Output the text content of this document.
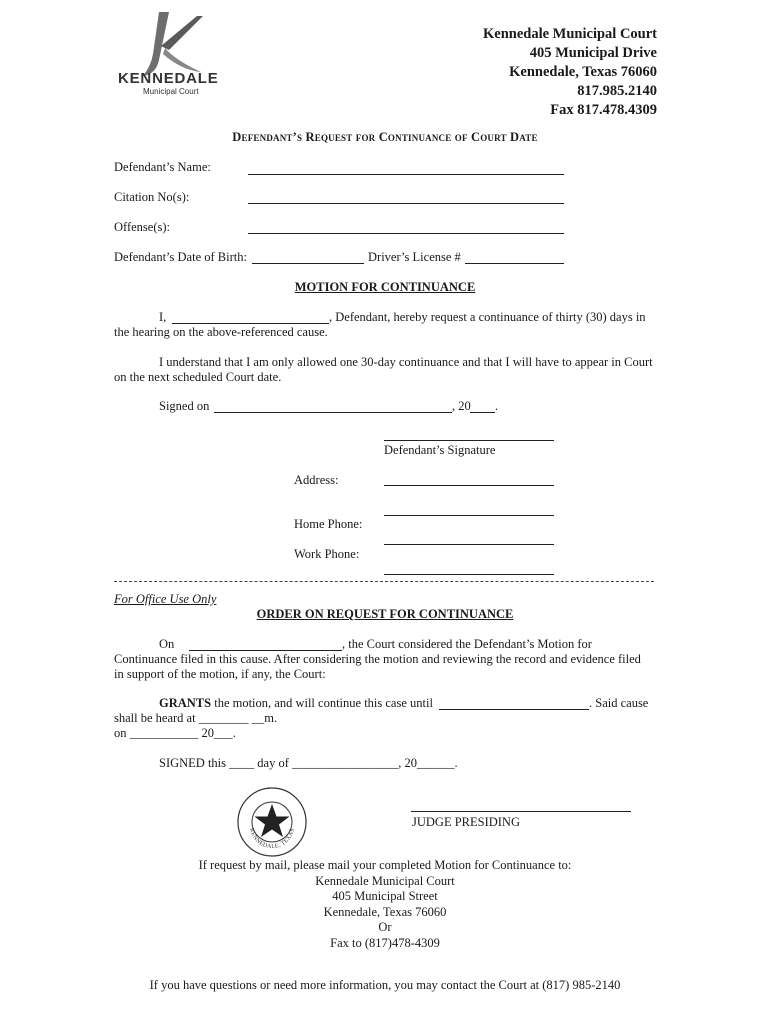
KENNEDALE
Municipal Court
Kennedale Municipal Court
405 Municipal Drive
Kennedale, Texas 76060
817.985.2140
Fax 817.478.4309
Defendant’s Request for Continuance of Court Date
Defendant’s Name:
Citation No(s):
Offense(s):
Defendant’s Date of Birth:	Driver’s License #
MOTION FOR CONTINUANCE
I,	, Defendant, hereby request a continuance of thirty (30) days in
the hearing on the above-referenced cause.
I understand that I am only allowed one 30-day continuance and that I will have to appear in Court
on the next scheduled Court date.
Signed on	, 20 .
Defendant’s Signature
Address:
Home Phone:
Work Phone:
For Office Use Only
ORDER ON REQUEST FOR CONTINUANCE
On	, the Court considered the Defendant’s Motion for
Continuance filed in this cause. After considering the motion and reviewing the record and evidence filed
in support of the motion, if any, the Court:
GRANTS the motion, and will continue this case until	. Said cause
shall be heard at ________ __m.
on ___________ 20___.
SIGNED this ____ day of _________________, 20______.
KENNEDALE, TEXAS
JUDGE PRESIDING
If request by mail, please mail your completed Motion for Continuance to:
Kennedale Municipal Court
405 Municipal Street
Kennedale, Texas 76060
Or
Fax to (817)478-4309
If you have questions or need more information, you may contact the Court at (817) 985-2140
